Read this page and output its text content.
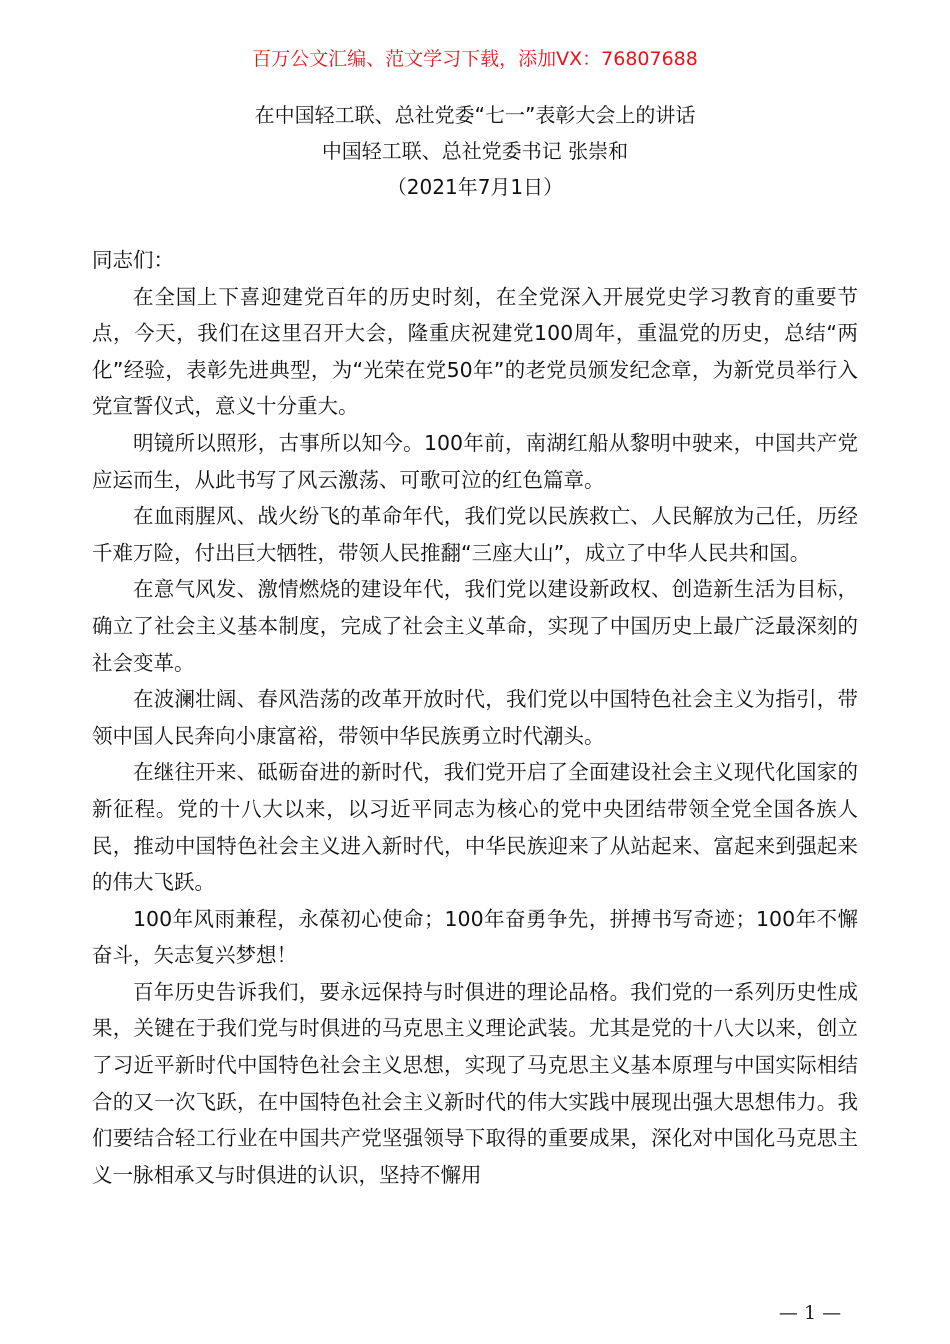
百万公文汇编、范文学习下载，添加VX：76807688

在中国轻工联、总社党委“七一”表彰大会上的讲话

中国轻工联、总社党委书记 张崇和

（2021年7月1日）

同志们：

在全国上下喜迎建党百年的历史时刻，在全党深入开展党史学习教育的重要节点，今天，我们在这里召开大会，隆重庆祝建党100周年，重温党的历史，总结“两化”经验，表彰先进典型，为“光荣在党50年”的老党员颁发纪念章，为新党员举行入党宣誓仪式，意义十分重大。

明镜所以照形，古事所以知今。100年前，南湖红船从黎明中驶来，中国共产党应运而生，从此书写了风云激荡、可歌可泣的红色篇章。

在血雨腥风、战火纷飞的革命年代，我们党以民族救亡、人民解放为己任，历经千难万险，付出巨大牺牲，带领人民推翻“三座大山”，成立了中华人民共和国。

在意气风发、激情燃烧的建设年代，我们党以建设新政权、创造新生活为目标，确立了社会主义基本制度，完成了社会主义革命，实现了中国历史上最广泛最深刻的社会变革。

在波澜壮阔、春风浩荡的改革开放时代，我们党以中国特色社会主义为指引，带领中国人民奔向小康富裕，带领中华民族勇立时代潮头。

在继往开来、砥砺奋进的新时代，我们党开启了全面建设社会主义现代化国家的新征程。党的十八大以来，以习近平同志为核心的党中央团结带领全党全国各族人民，推动中国特色社会主义进入新时代，中华民族迎来了从站起来、富起来到强起来的伟大飞跃。

100年风雨兼程，永葆初心使命；100年奋勇争先，拼搏书写奇迹；100年不懈奋斗，矢志复兴梦想！

百年历史告诉我们，要永远保持与时俱进的理论品格。我们党的一系列历史性成果，关键在于我们党与时俱进的马克思主义理论武装。尤其是党的十八大以来，创立了习近平新时代中国特色社会主义思想，实现了马克思主义基本原理与中国实际相结合的又一次飞跃，在中国特色社会主义新时代的伟大实践中展现出强大思想伟力。我们要结合轻工行业在中国共产党坚强领导下取得的重要成果，深化对中国化马克思主义一脉相承又与时俱进的认识，坚持不懈用

— 1 —
